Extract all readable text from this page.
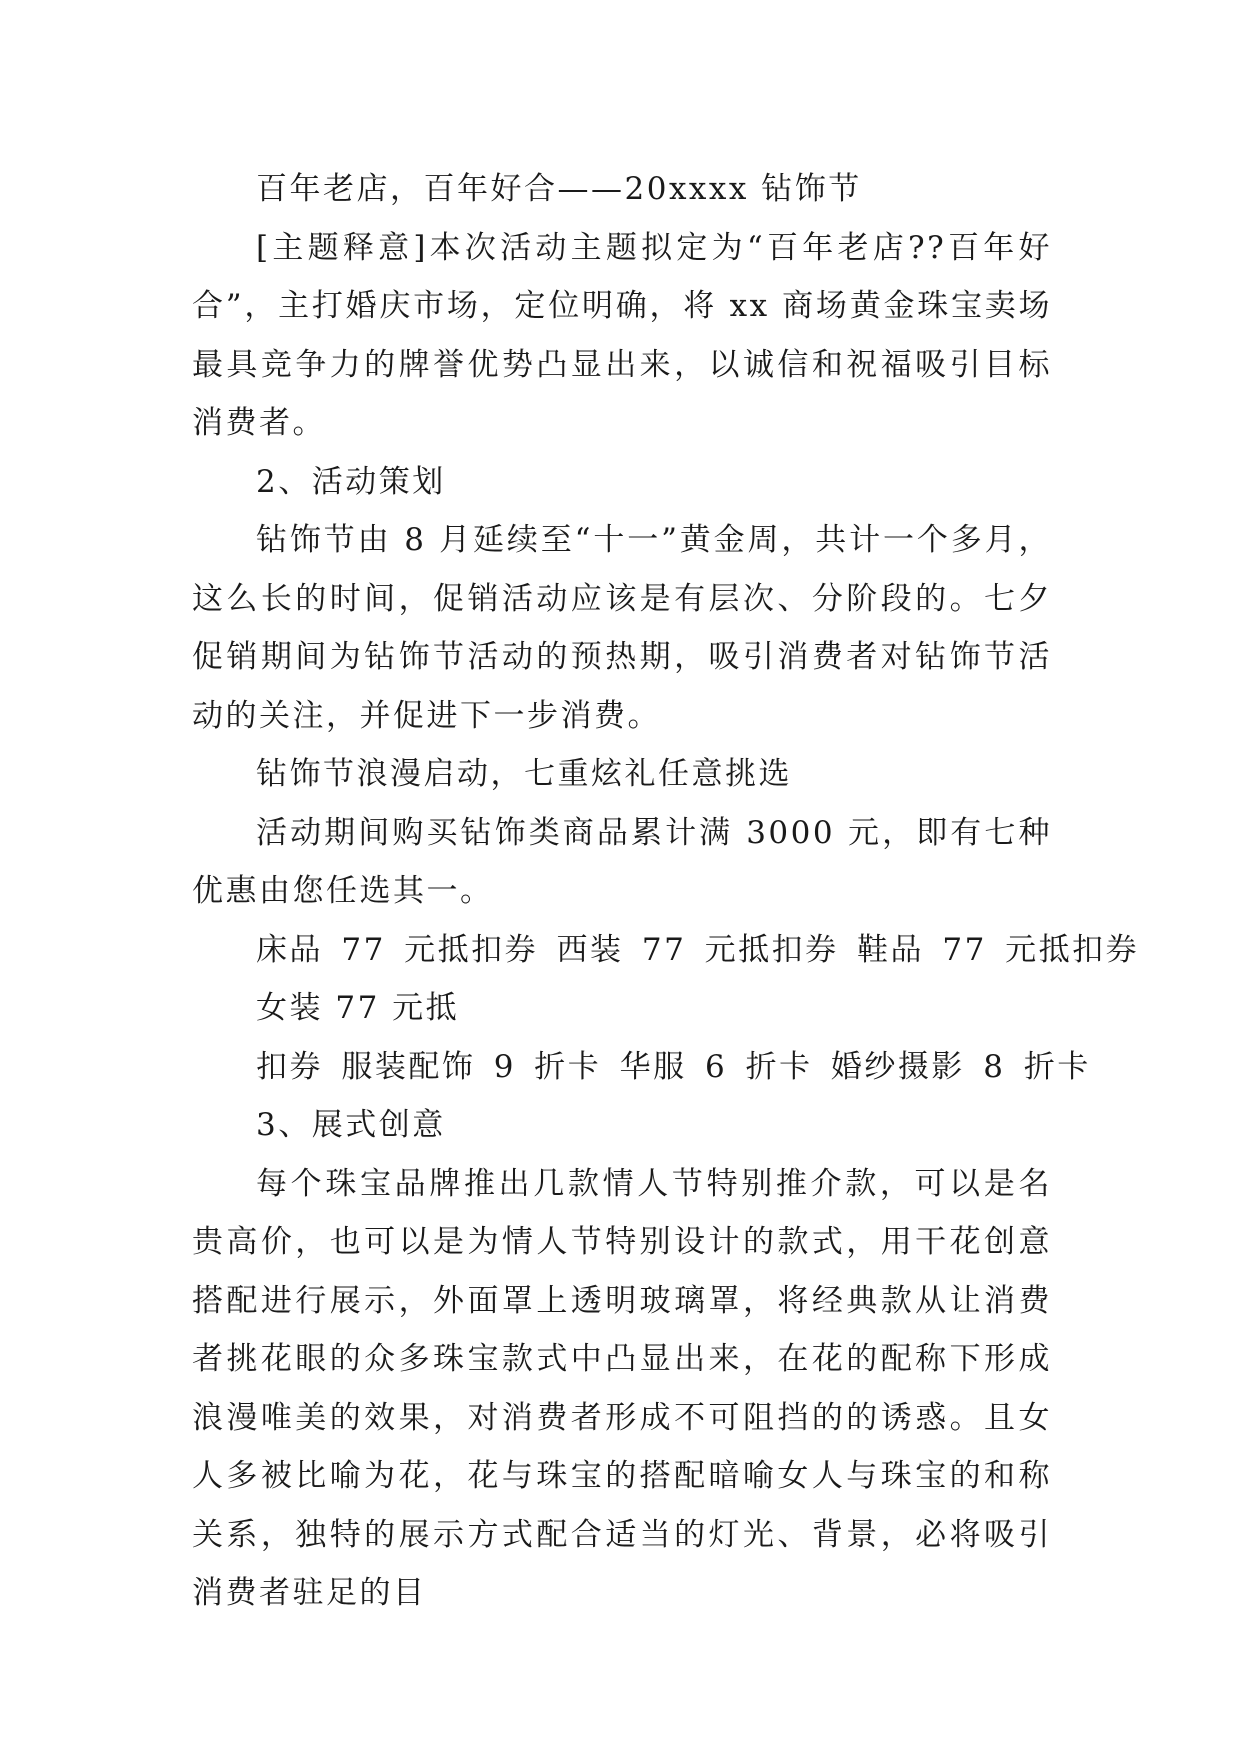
百年老店，百年好合——20xxxx 钻饰节

[主题释意]本次活动主题拟定为“百年老店??百年好合”，主打婚庆市场，定位明确，将 xx 商场黄金珠宝卖场最具竞争力的牌誉优势凸显出来，以诚信和祝福吸引目标消费者。

2、活动策划

钻饰节由 8 月延续至“十一”黄金周，共计一个多月，这么长的时间，促销活动应该是有层次、分阶段的。七夕促销期间为钻饰节活动的预热期，吸引消费者对钻饰节活动的关注，并促进下一步消费。

钻饰节浪漫启动，七重炫礼任意挑选

活动期间购买钻饰类商品累计满 3000 元，即有七种优惠由您任选其一。

床品 77 元抵扣券 西装 77 元抵扣券 鞋品 77 元抵扣券

女装 77 元抵

扣券 服装配饰 9 折卡 华服 6 折卡 婚纱摄影 8 折卡

3、展式创意

每个珠宝品牌推出几款情人节特别推介款，可以是名贵高价，也可以是为情人节特别设计的款式，用干花创意搭配进行展示，外面罩上透明玻璃罩，将经典款从让消费者挑花眼的众多珠宝款式中凸显出来，在花的配称下形成浪漫唯美的效果，对消费者形成不可阻挡的的诱惑。且女人多被比喻为花，花与珠宝的搭配暗喻女人与珠宝的和称关系，独特的展示方式配合适当的灯光、背景，必将吸引消费者驻足的目
